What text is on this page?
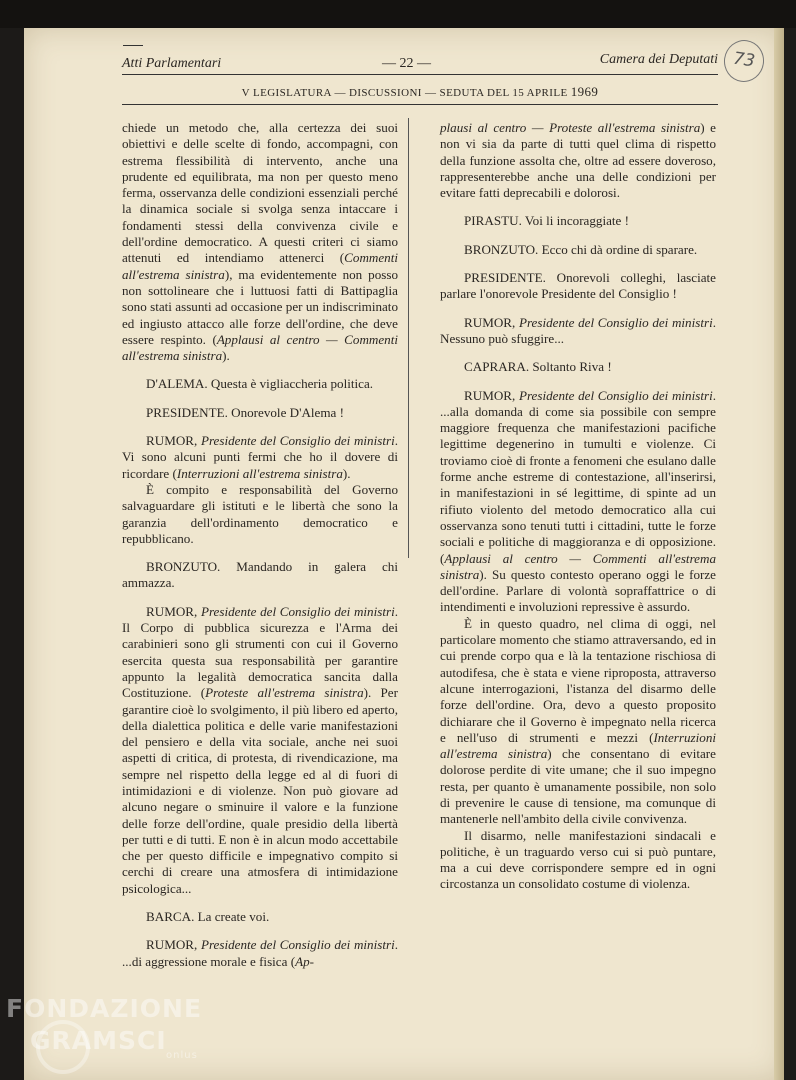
73
Atti Parlamentari	— 22 —	Camera dei Deputati
V LEGISLATURA — DISCUSSIONI — SEDUTA DEL 15 APRILE 1969

chiede un metodo che, alla certezza dei suoi obiettivi e delle scelte di fondo, accompagni, con estrema flessibilità di intervento, anche una prudente ed equilibrata, ma non per questo meno ferma, osservanza delle condizioni essenziali perché la dinamica sociale si svolga senza intaccare i fondamenti stessi della convivenza civile e dell'ordine democratico. A questi criteri ci siamo attenuti ed intendiamo attenerci (Commenti all'estrema sinistra), ma evidentemente non posso non sottolineare che i luttuosi fatti di Battipaglia sono stati assunti ad occasione per un indiscriminato ed ingiusto attacco alle forze dell'ordine, che deve essere respinto. (Applausi al centro — Commenti all'estrema sinistra).

D'ALEMA. Questa è vigliaccheria politica.

PRESIDENTE. Onorevole D'Alema !

RUMOR, Presidente del Consiglio dei ministri. Vi sono alcuni punti fermi che ho il dovere di ricordare (Interruzioni all'estrema sinistra).

È compito e responsabilità del Governo salvaguardare gli istituti e le libertà che sono la garanzia dell'ordinamento democratico e repubblicano.

BRONZUTO. Mandando in galera chi ammazza.

RUMOR, Presidente del Consiglio dei ministri. Il Corpo di pubblica sicurezza e l'Arma dei carabinieri sono gli strumenti con cui il Governo esercita questa sua responsabilità per garantire appunto la legalità democratica sancita dalla Costituzione. (Proteste all'estrema sinistra). Per garantire cioè lo svolgimento, il più libero ed aperto, della dialettica politica e delle varie manifestazioni del pensiero e della vita sociale, anche nei suoi aspetti di critica, di protesta, di rivendicazione, ma sempre nel rispetto della legge ed al di fuori di intimidazioni e di violenze. Non può giovare ad alcuno negare o sminuire il valore e la funzione delle forze dell'ordine, quale presidio della libertà per tutti e di tutti. E non è in alcun modo accettabile che per questo difficile e impegnativo compito si cerchi di creare una atmosfera di intimidazione psicologica...

BARCA. La create voi.

RUMOR, Presidente del Consiglio dei ministri. ...di aggressione morale e fisica (Ap-

plausi al centro — Proteste all'estrema sinistra) e non vi sia da parte di tutti quel clima di rispetto della funzione assolta che, oltre ad essere doveroso, rappresenterebbe anche una delle condizioni per evitare fatti deprecabili e dolorosi.

PIRASTU. Voi li incoraggiate !

BRONZUTO. Ecco chi dà ordine di sparare.

PRESIDENTE. Onorevoli colleghi, lasciate parlare l'onorevole Presidente del Consiglio !

RUMOR, Presidente del Consiglio dei ministri. Nessuno può sfuggire...

CAPRARA. Soltanto Riva !

RUMOR, Presidente del Consiglio dei ministri. ...alla domanda di come sia possibile con sempre maggiore frequenza che manifestazioni pacifiche legittime degenerino in tumulti e violenze. Ci troviamo cioè di fronte a fenomeni che esulano dalle forme anche estreme di contestazione, all'inserirsi, in manifestazioni in sé legittime, di spinte ad un rifiuto violento del metodo democratico alla cui osservanza sono tenuti tutti i cittadini, tutte le forze sociali e politiche di maggioranza e di opposizione. (Applausi al centro — Commenti all'estrema sinistra). Su questo contesto operano oggi le forze dell'ordine. Parlare di volontà sopraffattrice o di intendimenti e involuzioni repressive è assurdo.

È in questo quadro, nel clima di oggi, nel particolare momento che stiamo attraversando, ed in cui prende corpo qua e là la tentazione rischiosa di autodifesa, che è stata e viene riproposta, attraverso alcune interrogazioni, l'istanza del disarmo delle forze dell'ordine. Ora, devo a questo proposito dichiarare che il Governo è impegnato nella ricerca e nell'uso di strumenti e mezzi (Interruzioni all'estrema sinistra) che consentano di evitare dolorose perdite di vite umane; che il suo impegno resta, per quanto è umanamente possibile, non solo di prevenire le cause di tensione, ma comunque di mantenerle nell'ambito della civile convivenza.

Il disarmo, nelle manifestazioni sindacali e politiche, è un traguardo verso cui si può puntare, ma a cui deve corrispondere sempre ed in ogni circostanza un consolidato costume di violenza.

FONDAZIONE
GRAMSCI
onlus
